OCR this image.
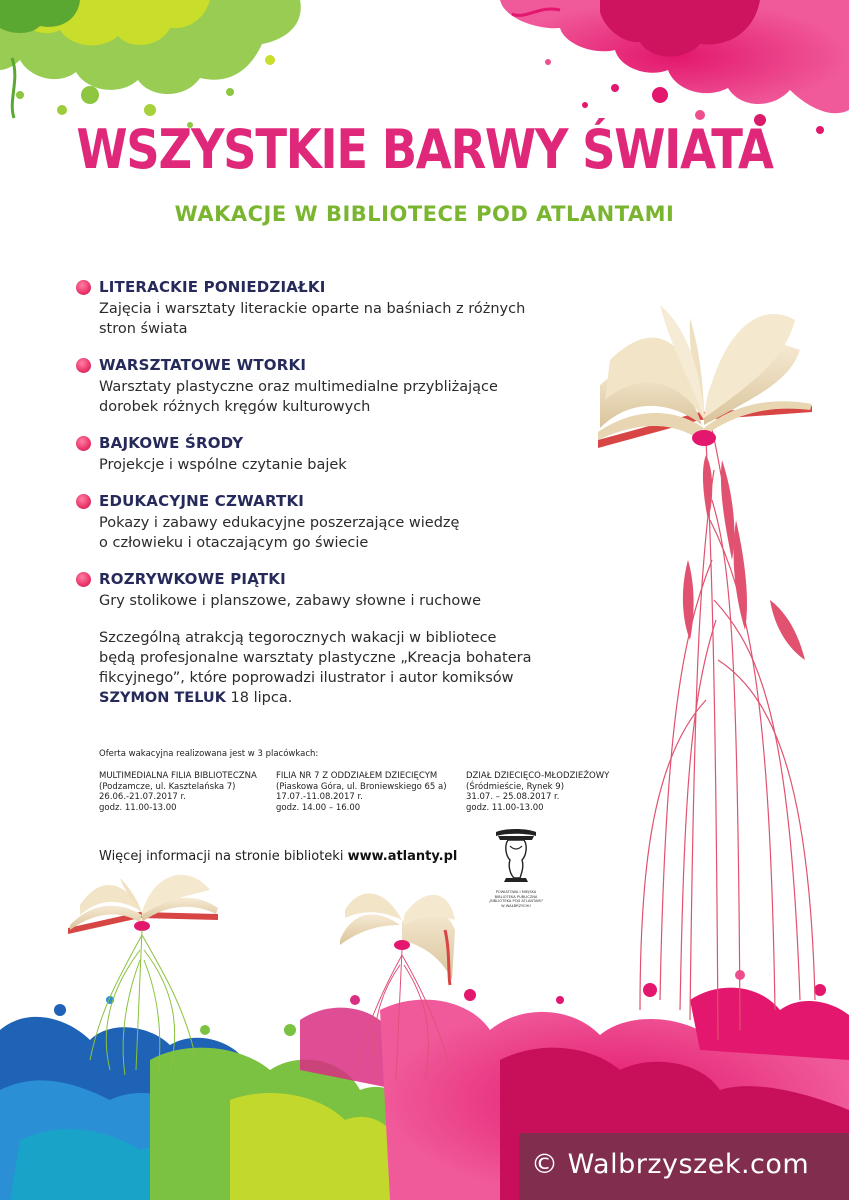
WSZYSTKIE BARWY ŚWIATA
WAKACJE W BIBLIOTECE POD ATLANTAMI
LITERACKIE PONIEDZIAŁKI
Zajęcia i warsztaty literackie oparte na baśniach z różnych
stron świata
WARSZTATOWE WTORKI
Warsztaty plastyczne oraz multimedialne przybliżające
dorobek różnych kręgów kulturowych
BAJKOWE ŚRODY
Projekcje i wspólne czytanie bajek
EDUKACYJNE CZWARTKI
Pokazy i zabawy edukacyjne poszerzające wiedzę
o człowieku i otaczającym go świecie
ROZRYWKOWE PIĄTKI
Gry stolikowe i planszowe, zabawy słowne i ruchowe
Szczególną atrakcją tegorocznych wakacji w bibliotece
będą profesjonalne warsztaty plastyczne „Kreacja bohatera
fikcyjnego”, które poprowadzi ilustrator i autor komiksów
SZYMON TELUK 18 lipca.
Oferta wakacyjna realizowana jest w 3 placówkach:
MULTIMEDIALNA FILIA BIBLIOTECZNA
(Podzamcze, ul. Kasztelańska 7)
26.06.-21.07.2017 r.
godz. 11.00-13.00
FILIA NR 7 Z ODDZIAŁEM DZIECIĘCYM
(Piaskowa Góra, ul. Broniewskiego 65 a)
17.07.-11.08.2017 r.
godz. 14.00 – 16.00
DZIAŁ DZIECIĘCO-MŁODZIEŻOWY
(Śródmieście, Rynek 9)
31.07. – 25.08.2017 r.
godz. 11.00-13.00
Więcej informacji na stronie biblioteki www.atlanty.pl
POWIATOWA I MIEJSKA
BIBLIOTEKA PUBLICZNA
„BIBLIOTEKA POD ATLANTAMI”
W WAŁBRZYCHU
© Walbrzyszek.com
